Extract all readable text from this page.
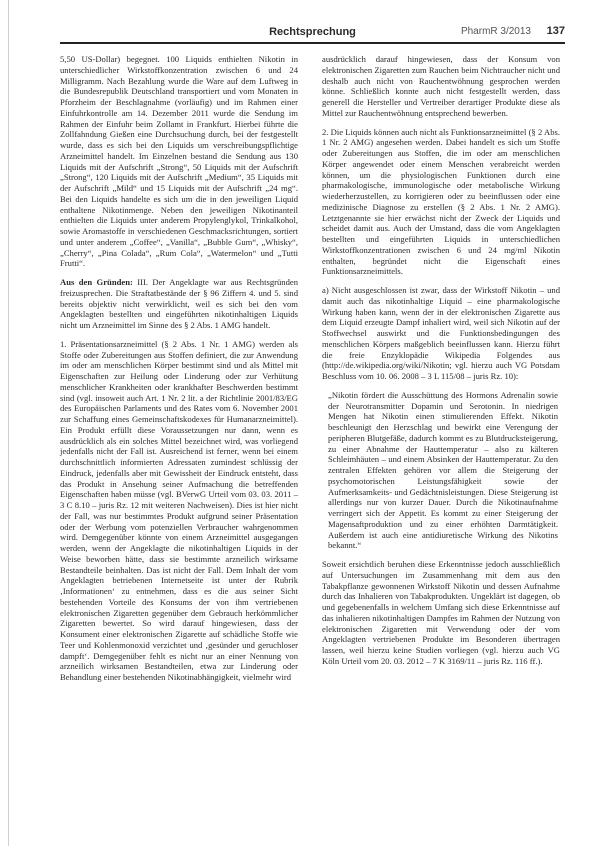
Rechtsprechung	PharmR 3/2013 137

5,50 US-Dollar) begegnet. 100 Liquids enthielten Nikotin in unterschiedlicher Wirkstoffkonzentration zwischen 6 und 24 Milligramm. Nach Bezahlung wurde die Ware auf dem Luftweg in die Bundesrepublik Deutschland transportiert und vom Monaten in Pforzheim der Beschlagnahme (vorläufig) und im Rahmen einer Einfuhrkontrolle am 14. Dezember 2011 wurde die Sendung im Rahmen der Einfuhr beim Zollamt in Frankfurt. Hierbei führte die Zollfahndung Gießen eine Durchsuchung durch, bei der festgestellt wurde, dass es sich bei den Liquids um verschreibungspflichtige Arzneimittel handelt. Im Einzelnen bestand die Sendung aus 130 Liquids mit der Aufschrift „Strong“, 50 Liquids mit der Aufschrift „Strong“, 120 Liquids mit der Aufschrift „Medium“, 35 Liquids mit der Aufschrift „Mild“ und 15 Liquids mit der Aufschrift „24 mg“. Bei den Liquids handelte es sich um die in den jeweiligen Liquid enthaltene Nikotinmenge. Neben den jeweiligen Nikotinanteil enthielten die Liquids unter anderem Propylenglykol, Trinkalkohol, sowie Aromastoffe in verschiedenen Geschmacksrichtungen, sortiert und unter anderem „Coffee“, „Vanilla“, „Bubble Gum“, „Whisky“, „Cherry“, „Pina Colada“, „Rum Cola“, „Watermelon“ und „Tutti Frutti“.

Aus den Gründen: III. Der Angeklagte war aus Rechtsgründen freizusprechen. Die Straftatbestände der § 96 Ziffern 4. und 5. sind bereits objektiv nicht verwirklicht, weil es sich bei den vom Angeklagten bestellten und eingeführten nikotinhaltigen Liquids nicht um Arzneimittel im Sinne des § 2 Abs. 1 AMG handelt.

1. Präsentationsarzneimittel (§ 2 Abs. 1 Nr. 1 AMG) werden als Stoffe oder Zubereitungen aus Stoffen definiert, die zur Anwendung im oder am menschlichen Körper bestimmt sind und als Mittel mit Eigenschaften zur Heilung oder Linderung oder zur Verhütung menschlicher Krankheiten oder krankhafter Beschwerden bestimmt sind (vgl. insoweit auch Art. 1 Nr. 2 lit. a der Richtlinie 2001/83/EG des Europäischen Parlaments und des Rates vom 6. November 2001 zur Schaffung eines Gemeinschaftskodexes für Humanarzneimittel). Ein Produkt erfüllt diese Voraussetzungen nur dann, wenn es ausdrücklich als ein solches Mittel bezeichnet wird, was vorliegend jedenfalls nicht der Fall ist. Ausreichend ist ferner, wenn bei einem durchschnittlich informierten Adressaten zumindest schlüssig der Eindruck, jedenfalls aber mit Gewissheit der Eindruck entsteht, dass das Produkt in Ansehung seiner Aufmachung die betreffenden Eigenschaften haben müsse (vgl. BVerwG Urteil vom 03. 03. 2011 – 3 C 8.10 – juris Rz. 12 mit weiteren Nachweisen). Dies ist hier nicht der Fall, was nur bestimmtes Produkt aufgrund seiner Präsentation oder der Werbung vom potenziellen Verbraucher wahrgenommen wird. Demgegenüber könnte von einem Arzneimittel ausgegangen werden, wenn der Angeklagte die nikotinhaltigen Liquids in der Weise beworben hätte, dass sie bestimmte arzneilich wirksame Bestandteile beinhalten. Das ist nicht der Fall. Dem Inhalt der vom Angeklagten betriebenen Internetseite ist unter der Rubrik ‚Informationen‘ zu entnehmen, dass es die aus seiner Sicht bestehenden Vorteile des Konsums der von ihm vertriebenen elektronischen Zigaretten gegenüber dem Gebrauch herkömmlicher Zigaretten bewertet. So wird darauf hingewiesen, dass der Konsument einer elektronischen Zigarette auf schädliche Stoffe wie Teer und Kohlenmonoxid verzichtet und ‚gesünder und geruchloser dampft‘. Demgegenüber fehlt es nicht nur an einer Nennung von arzneilich wirksamen Bestandteilen, etwa zur Linderung oder Behandlung einer bestehenden Nikotinabhängigkeit, vielmehr wird

ausdrücklich darauf hingewiesen, dass der Konsum von elektronischen Zigaretten zum Rauchen beim Nichtraucher nicht und deshalb auch nicht von Rauchentwöhnung gesprochen werden könne. Schließlich konnte auch nicht festgestellt werden, dass generell die Hersteller und Vertreiber derartiger Produkte diese als Mittel zur Rauchentwöhnung entsprechend bewerben.

2. Die Liquids können auch nicht als Funktionsarzneimittel (§ 2 Abs. 1 Nr. 2 AMG) angesehen werden. Dabei handelt es sich um Stoffe oder Zubereitungen aus Stoffen, die im oder am menschlichen Körper angewendet oder einem Menschen verabreicht werden können, um die physiologischen Funktionen durch eine pharmakologische, immunologische oder metabolische Wirkung wiederherzustellen, zu korrigieren oder zu beeinflussen oder eine medizinische Diagnose zu erstellen (§ 2 Abs. 1 Nr. 2 AMG). Letztgenannte sie hier erwächst nicht der Zweck der Liquids und scheidet damit aus. Auch der Umstand, dass die vom Angeklagten bestellten und eingeführten Liquids in unterschiedlichen Wirkstoffkonzentrationen zwischen 6 und 24 mg/ml Nikotin enthalten, begründet nicht die Eigenschaft eines Funktionsarzneimittels.

a) Nicht ausgeschlossen ist zwar, dass der Wirkstoff Nikotin – und damit auch das nikotinhaltige Liquid – eine pharmakologische Wirkung haben kann, wenn der in der elektronischen Zigarette aus dem Liquid erzeugte Dampf inhaliert wird, weil sich Nikotin auf der Stoffwechsel auswirkt und die Funktionsbedingungen des menschlichen Körpers maßgeblich beeinflussen kann. Hierzu führt die freie Enzyklopädie Wikipedia Folgendes aus (http://de.wikipedia.org/wiki/Nikotin; vgl. hierzu auch VG Potsdam Beschluss vom 10. 06. 2008 – 3 L 115/08 – juris Rz. 10):

„Nikotin fördert die Ausschüttung des Hormons Adrenalin sowie der Neurotransmitter Dopamin und Serotonin. In niedrigen Mengen hat Nikotin einen stimulierenden Effekt. Nikotin beschleunigt den Herzschlag und bewirkt eine Verengung der peripheren Blutgefäße, dadurch kommt es zu Blutdrucksteigerung, zu einer Abnahme der Hauttemperatur – also zu kälteren Schleimhäuten – und einem Absinken der Hauttemperatur. Zu den zentralen Effekten gehören vor allem die Steigerung der psychomotorischen Leistungsfähigkeit sowie der Aufmerksamkeits- und Gedächtnisleistungen. Diese Steigerung ist allerdings nur von kurzer Dauer. Durch die Nikotinaufnahme verringert sich der Appetit. Es kommt zu einer Steigerung der Magensaftproduktion und zu einer erhöhten Darmtätigkeit. Außerdem ist auch eine antidiuretische Wirkung des Nikotins bekannt.“

Soweit ersichtlich beruhen diese Erkenntnisse jedoch ausschließlich auf Untersuchungen im Zusammenhang mit dem aus den Tabakpflanze gewonnenen Wirkstoff Nikotin und dessen Aufnahme durch das Inhalieren von Tabakprodukten. Ungeklärt ist dagegen, ob und gegebenenfalls in welchem Umfang sich diese Erkenntnisse auf das inhalieren nikotinhaltigen Dampfes im Rahmen der Nutzung von elektronischen Zigaretten mit Verwendung oder der vom Angeklagten vertriebenen Produkte im Besonderen übertragen lassen, weil hierzu keine Studien vorliegen (vgl. hierzu auch VG Köln Urteil vom 20. 03. 2012 – 7 K 3169/11 – juris Rz. 116 ff.).
